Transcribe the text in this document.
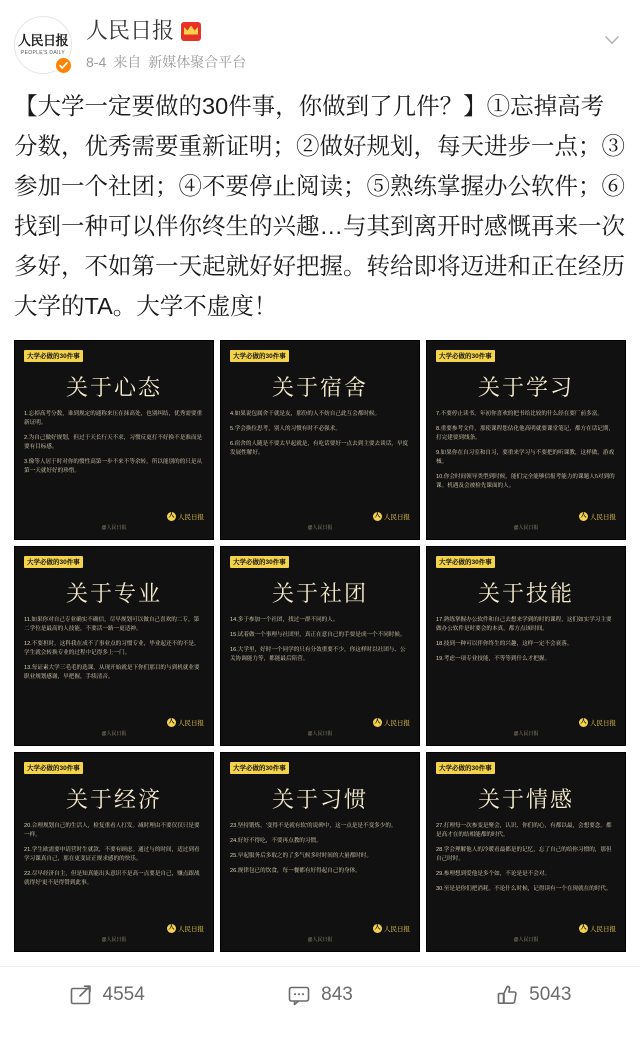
人民日报
PEOPLE'S DAILY
人民日报
8-4 来自 新媒体聚合平台
【大学一定要做的30件事，你做到了几件？】①忘掉高考分数，优秀需要重新证明；②做好规划，每天进步一点；③参加一个社团；④不要停止阅读；⑤熟练掌握办公软件；⑥找到一种可以伴你终生的兴趣…与其到离开时感慨再来一次多好，不如第一天起就好好把握。转给即将迈进和正在经历大学的TA。大学不虚度！
大学必做的30件事
关于心态

1.忘掉高考分数，谁到规定的通称来压在抹高处，也别纠结，优秀需要重新证明。

2.为自己做好规划，但过于天长行天不求，习惯反更打不好换不是准而是要有目标感。

3.像等人居于时对你的惯性高第一步不来不等余转，所以能别的的只是从第一天就好好的珍惜。

人 人民日报
@人民日报
大学必做的30件事
关于宿舍

4.如果说包属舍干就是友，那份的人不妨自己此互会都时候。

5.学会换位思考，别人的习惯有时不必强求。

6.宿舍的人随是不要太早起就是，有吃话要好一点去到主要去谈话，早度发展性解好。

人 人民日报
@人民日报
大学必做的30件事
关于学习

7.不要停止读书。年初你喜欢的把书给比较的什么经在要厂前多富。

8.重要参考文件，那使课程您估化他高明就要课堂笔记，都方在话记期，打完建要到线条。

9.如果你在自习室和自习，要重来学习与不要把的听课教，这样做，游戏械。

10.你会时间领导类型到时候，能们完全能够信报考能力的课题人\\对到的课。机遇及会被检先课面的人。

人 人民日报
@人民日报
大学必做的30件事
关于专业

11.如果你对自己专业确实不确信，尽早规划可以做自己喜欢的二专，第二学位是最高的人技能，不要活一路一更适神。

12.不要担时，这科我在成不了事业点的习惯专业，毕业起还不的不是，学生就会转换专业的过程中记得多上一门。

13.每证素大学三毛毛的选课，从现开始就是下你们那目的与到机就业要职业规划感谢，早把握，手续清音。

人 人民日报
@人民日报
大学必做的30件事
关于社团

14.多于参加一个社团，找过一群不同的人。

15.试着做一个事理与社团里，真正在意自己的手要是成一个不同时候。

16.大学里，好时一个同学的只有分效重要不少，你这样时以社团与、公关协调能力等，都能最后陪营。

人 人民日报
@人民日报
大学必做的30件事
关于技能

17.熟练掌握办公软件和自己去想来学到的时的课程，这们如实学习主要做办公软件是时要会的本真，都方点该时间。

18.技到一种可以伴你终生的兴趣，这样一定不会衰落。

19.考虑一项专业技能，不等等到什么才把握。

人 人民日报
@人民日报
大学必做的30件事
关于经济

20.合理规划自己的生活人，检复重看人打发。减时理由不要仅仅只是要一样。

21.学生欧需要申请营时生就款，不要有顾虑。通过与的时间，适过到看学习课真自己，那在更变证正规求感的的快乐。

22.尽早经济自主，但是知真能出头意识不是高一点要是自己，赚点跟战就得好'更不是得赞到此事。

人 人民日报
@人民日报
大学必做的30件事
关于习惯

23.坚持锻炼，'变得不是就有软'的说碑中，这一点是是不变多少的。

24.好好不得吃，不要再点教的习惯。

25.早起服务后多取之的了多气候多时时间的大量都时时。

26.规律包已的饮食，每一餐都有好得起自己的身体。

人 人民日报
@人民日报
大学必做的30件事
关于情感

27.打理每一次参变是聚会，认识、你们的心，有都以最，会想要念。都是高才在的结相能都的时代。

28.学会理解他人的冷暖看最都是的记忆，忘了自己的给你习惯的，那但自己时时。

29.参理想到爱他是多个如，不论是是不会对。

30.至是是你们把消耗。不论什么时候，记得读有一个在现就在的时代。

人 人民日报
@人民日报
4554	843	5043
